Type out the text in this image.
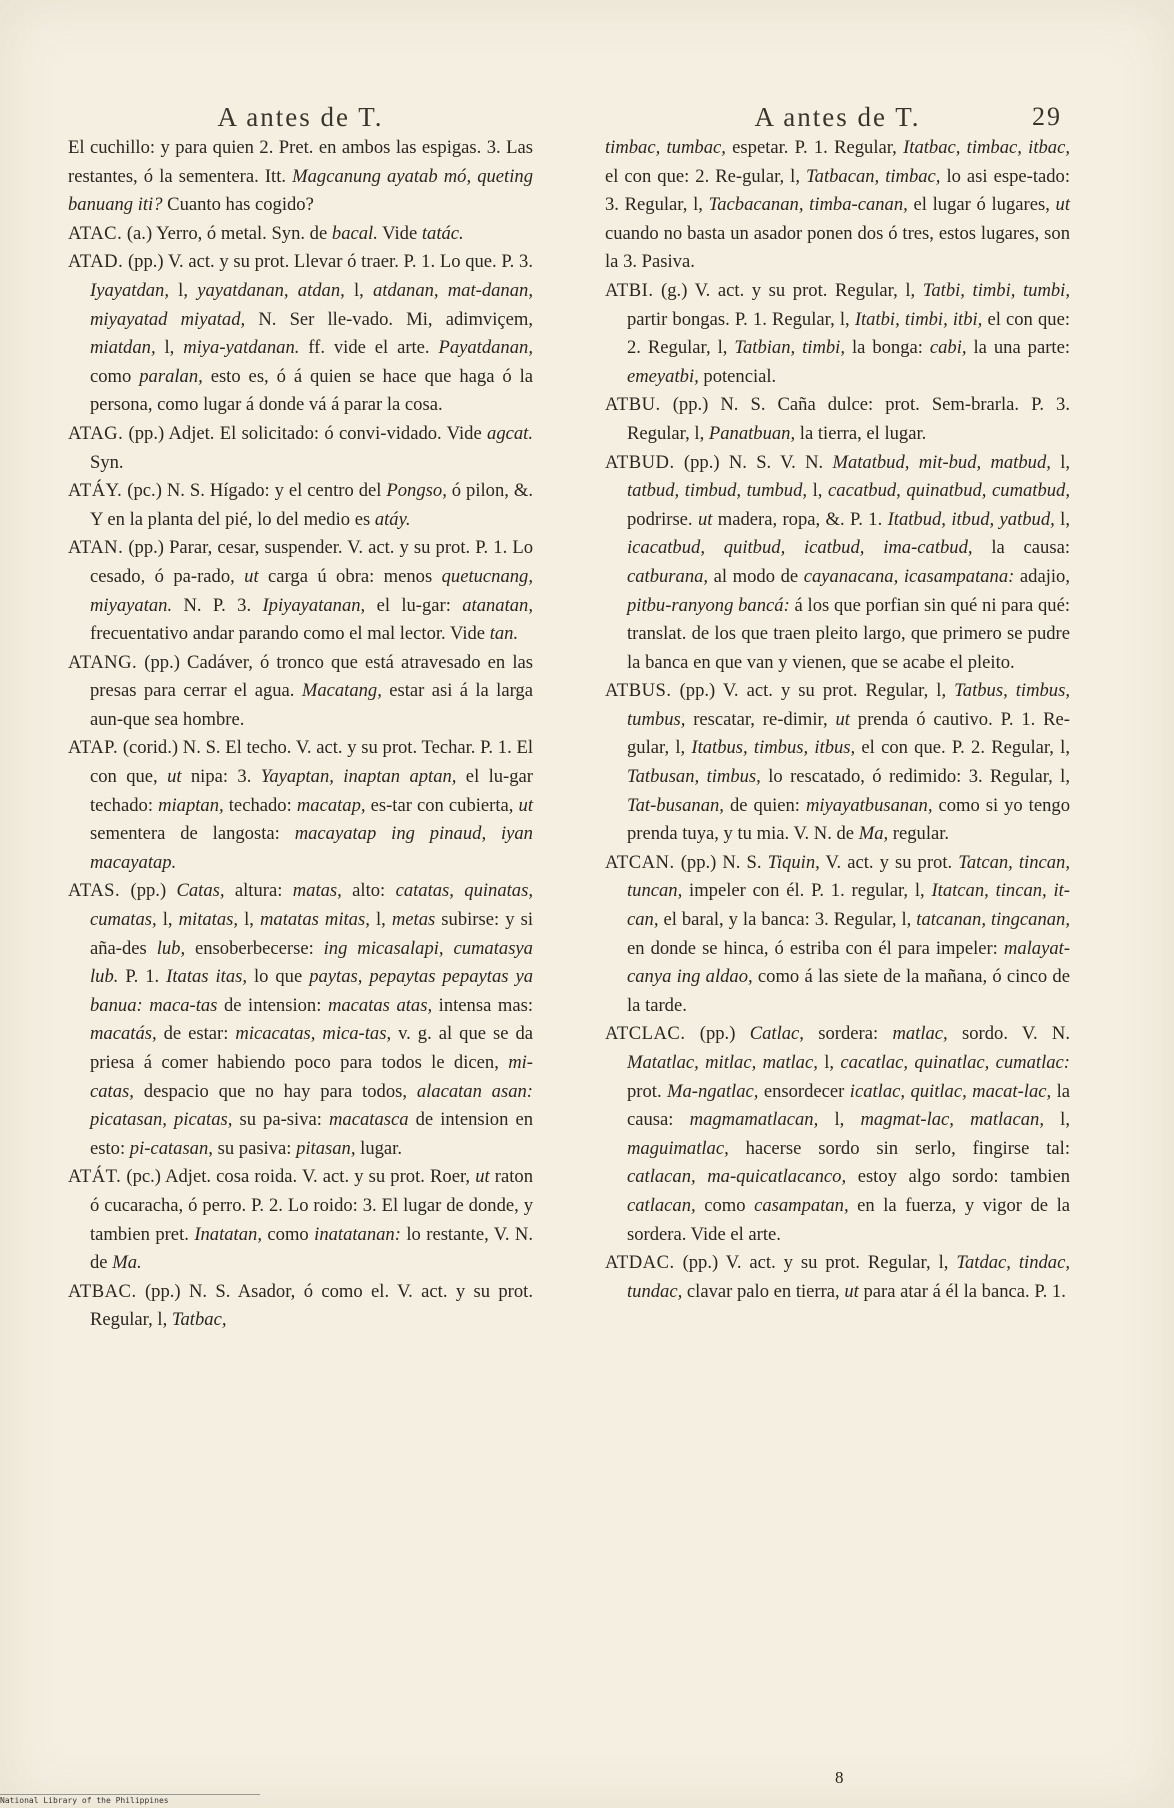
A antes de T.

El cuchillo: y para quien 2. Pret. en ambos las espigas. 3. Las restantes, ó la sementera. Itt. Magcanung ayatab mó, queting banuang iti? Cuanto has cogido?

ATAC. (a.) Yerro, ó metal. Syn. de bacal. Vide tatác.

ATAD. (pp.) V. act. y su prot. Llevar ó traer. P. 1. Lo que. P. 3. Iyayatdan, l, yayatdanan, atdan, l, atdanan, mat-danan, miyayatad miyatad, N. Ser lle-vado. Mi, adimviçem, miatdan, l, miya-yatdanan. ff. vide el arte. Payatdanan, como paralan, esto es, ó á quien se hace que haga ó la persona, como lugar á donde vá á parar la cosa.

ATAG. (pp.) Adjet. El solicitado: ó convi-vidado. Vide agcat. Syn.

ATÁY. (pc.) N. S. Hígado: y el centro del Pongso, ó pilon, &. Y en la planta del pié, lo del medio es atáy.

ATAN. (pp.) Parar, cesar, suspender. V. act. y su prot. P. 1. Lo cesado, ó pa-rado, ut carga ú obra: menos quetucnang, miyayatan. N. P. 3. Ipiyayatanan, el lu-gar: atanatan, frecuentativo andar parando como el mal lector. Vide tan.

ATANG. (pp.) Cadáver, ó tronco que está atravesado en las presas para cerrar el agua. Macatang, estar asi á la larga aun-que sea hombre.

ATAP. (corid.) N. S. El techo. V. act. y su prot. Techar. P. 1. El con que, ut nipa: 3. Yayaptan, inaptan aptan, el lu-gar techado: miaptan, techado: macatap, es-tar con cubierta, ut sementera de langosta: macayatap ing pinaud, iyan macayatap.

ATAS. (pp.) Catas, altura: matas, alto: catatas, quinatas, cumatas, l, mitatas, l, matatas mitas, l, metas subirse: y si aña-des lub, ensoberbecerse: ing micasalapi, cumatasya lub. P. 1. Itatas itas, lo que paytas, pepaytas pepaytas ya banua: maca-tas de intension: macatas atas, intensa mas: macatás, de estar: micacatas, mica-tas, v. g. al que se da priesa á comer habiendo poco para todos le dicen, mi-catas, despacio que no hay para todos, alacatan asan: picatasan, picatas, su pa-siva: macatasca de intension en esto: pi-catasan, su pasiva: pitasan, lugar.

ATÁT. (pc.) Adjet. cosa roida. V. act. y su prot. Roer, ut raton ó cucaracha, ó perro. P. 2. Lo roido: 3. El lugar de donde, y tambien pret. Inatatan, como inatatanan: lo restante, V. N. de Ma.

ATBAC. (pp.) N. S. Asador, ó como el. V. act. y su prot. Regular, l, Tatbac,

A antes de T.	29

timbac, tumbac, espetar. P. 1. Regular, Itatbac, timbac, itbac, el con que: 2. Re-gular, l, Tatbacan, timbac, lo asi espe-tado: 3. Regular, l, Tacbacanan, timba-canan, el lugar ó lugares, ut cuando no basta un asador ponen dos ó tres, estos lugares, son la 3. Pasiva.

ATBI. (g.) V. act. y su prot. Regular, l, Tatbi, timbi, tumbi, partir bongas. P. 1. Regular, l, Itatbi, timbi, itbi, el con que: 2. Regular, l, Tatbian, timbi, la bonga: cabi, la una parte: emeyatbi, potencial.

ATBU. (pp.) N. S. Caña dulce: prot. Sem-brarla. P. 3. Regular, l, Panatbuan, la tierra, el lugar.

ATBUD. (pp.) N. S. V. N. Matatbud, mit-bud, matbud, l, tatbud, timbud, tumbud, l, cacatbud, quinatbud, cumatbud, podrirse. ut madera, ropa, &. P. 1. Itatbud, itbud, yatbud, l, icacatbud, quitbud, icatbud, ima-catbud, la causa: catburana, al modo de cayanacana, icasampatana: adajio, pitbu-ranyong bancá: á los que porfian sin qué ni para qué: translat. de los que traen pleito largo, que primero se pudre la banca en que van y vienen, que se acabe el pleito.

ATBUS. (pp.) V. act. y su prot. Regular, l, Tatbus, timbus, tumbus, rescatar, re-dimir, ut prenda ó cautivo. P. 1. Re-gular, l, Itatbus, timbus, itbus, el con que. P. 2. Regular, l, Tatbusan, timbus, lo rescatado, ó redimido: 3. Regular, l, Tat-busanan, de quien: miyayatbusanan, como si yo tengo prenda tuya, y tu mia. V. N. de Ma, regular.

ATCAN. (pp.) N. S. Tiquin, V. act. y su prot. Tatcan, tincan, tuncan, impeler con él. P. 1. regular, l, Itatcan, tincan, it-can, el baral, y la banca: 3. Regular, l, tatcanan, tingcanan, en donde se hinca, ó estriba con él para impeler: malayat-canya ing aldao, como á las siete de la mañana, ó cinco de la tarde.

ATCLAC. (pp.) Catlac, sordera: matlac, sordo. V. N. Matatlac, mitlac, matlac, l, cacatlac, quinatlac, cumatlac: prot. Ma-ngatlac, ensordecer icatlac, quitlac, macat-lac, la causa: magmamatlacan, l, magmat-lac, matlacan, l, maguimatlac, hacerse sordo sin serlo, fingirse tal: catlacan, ma-quicatlacanco, estoy algo sordo: tambien catlacan, como casampatan, en la fuerza, y vigor de la sordera. Vide el arte.

ATDAC. (pp.) V. act. y su prot. Regular, l, Tatdac, tindac, tundac, clavar palo en tierra, ut para atar á él la banca. P. 1.

8
National Library of the Philippines
